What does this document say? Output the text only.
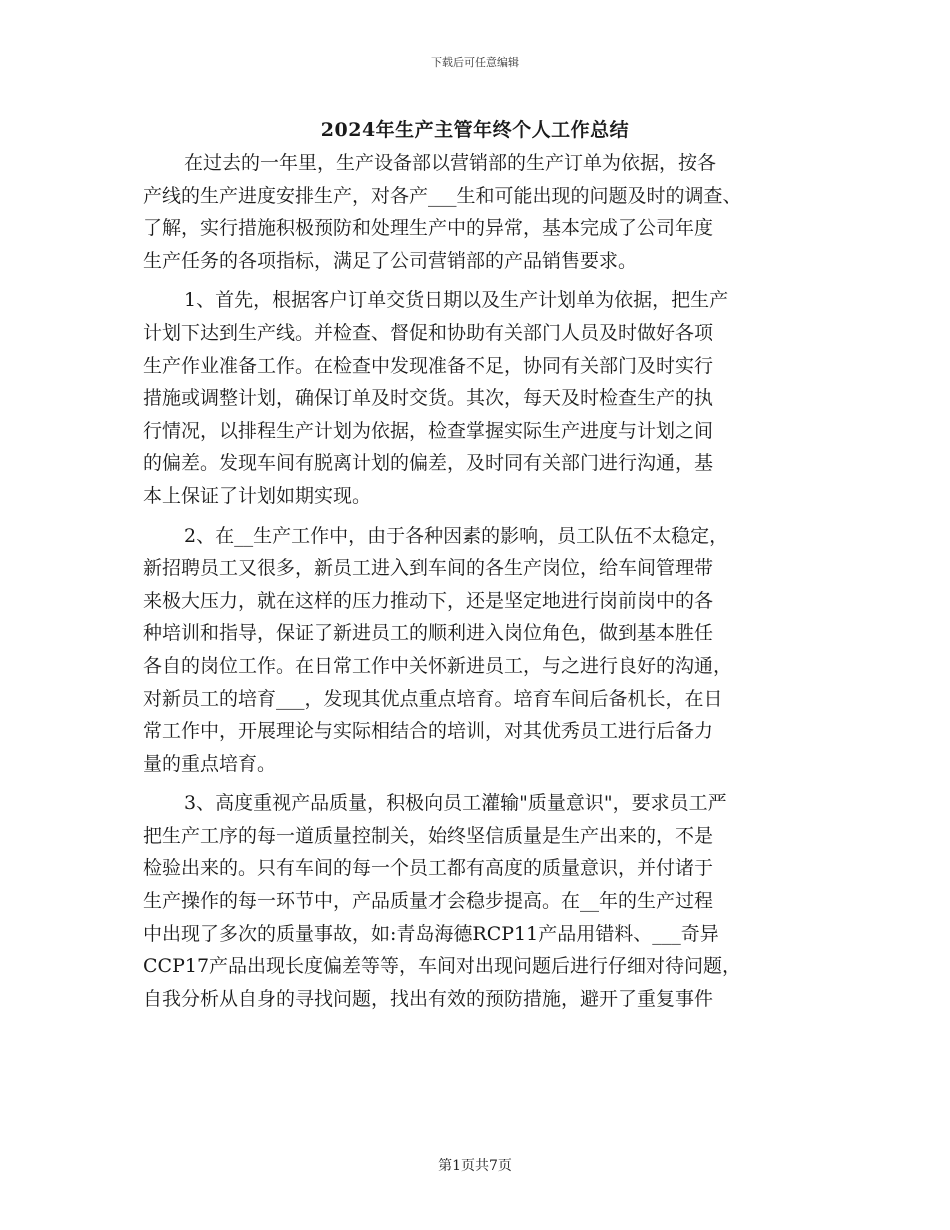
下载后可任意编辑
2024年生产主管年终个人工作总结
在过去的一年里，生产设备部以营销部的生产订单为依据，按各
产线的生产进度安排生产，对各产___生和可能出现的问题及时的调查、
了解，实行措施积极预防和处理生产中的异常，基本完成了公司年度
生产任务的各项指标，满足了公司营销部的产品销售要求。
1、首先，根据客户订单交货日期以及生产计划单为依据，把生产
计划下达到生产线。并检查、督促和协助有关部门人员及时做好各项
生产作业准备工作。在检查中发现准备不足，协同有关部门及时实行
措施或调整计划，确保订单及时交货。其次，每天及时检查生产的执
行情况，以排程生产计划为依据，检查掌握实际生产进度与计划之间
的偏差。发现车间有脱离计划的偏差，及时同有关部门进行沟通，基
本上保证了计划如期实现。
2、在__生产工作中，由于各种因素的影响，员工队伍不太稳定，
新招聘员工又很多，新员工进入到车间的各生产岗位，给车间管理带
来极大压力，就在这样的压力推动下，还是坚定地进行岗前岗中的各
种培训和指导，保证了新进员工的顺利进入岗位角色，做到基本胜任
各自的岗位工作。在日常工作中关怀新进员工，与之进行良好的沟通，
对新员工的培育___，发现其优点重点培育。培育车间后备机长，在日
常工作中，开展理论与实际相结合的培训，对其优秀员工进行后备力
量的重点培育。
3、高度重视产品质量，积极向员工灌输"质量意识"，要求员工严
把生产工序的每一道质量控制关，始终坚信质量是生产出来的，不是
检验出来的。只有车间的每一个员工都有高度的质量意识，并付诸于
生产操作的每一环节中，产品质量才会稳步提高。在__年的生产过程
中出现了多次的质量事故，如:青岛海德RCP11产品用错料、___奇异
CCP17产品出现长度偏差等等，车间对出现问题后进行仔细对待问题，
自我分析从自身的寻找问题，找出有效的预防措施，避开了重复事件
第1页共7页
